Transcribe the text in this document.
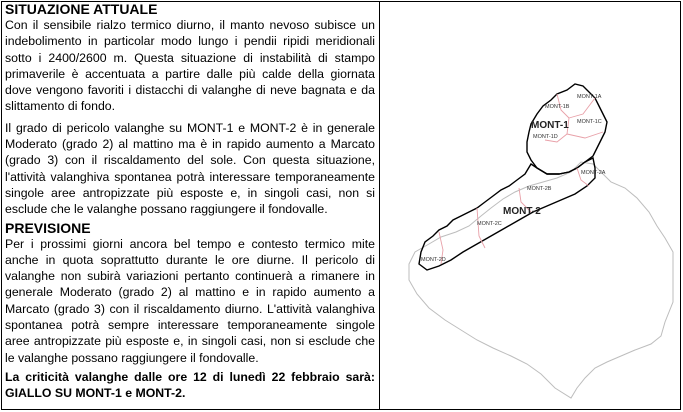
SITUAZIONE ATTUALE

Con il sensibile rialzo termico diurno, il manto nevoso subisce un indebolimento in particolar modo lungo i pendii ripidi meridionali sotto i 2400/2600 m. Questa situazione di instabilità di stampo primaverile è accentuata a partire dalle più calde della giornata dove vengono favoriti i distacchi di valanghe di neve bagnata e da slittamento di fondo.

Il grado di pericolo valanghe su MONT-1 e MONT-2 è in generale Moderato (grado 2) al mattino ma è in rapido aumento a Marcato (grado 3) con il riscaldamento del sole. Con questa situazione, l'attività valanghiva spontanea potrà interessare temporaneamente singole aree antropizzate più esposte e, in singoli casi, non si esclude che le valanghe possano raggiungere il fondovalle.

PREVISIONE

Per i prossimi giorni ancora bel tempo e contesto termico mite anche in quota soprattutto durante le ore diurne. Il pericolo di valanghe non subirà variazioni pertanto continuerà a rimanere in generale Moderato (grado 2) al mattino e in rapido aumento a Marcato (grado 3) con il riscaldamento diurno. L'attività valanghiva spontanea potrà sempre interessare temporaneamente singole aree antropizzate più esposte e, in singoli casi, non si esclude che le valanghe possano raggiungere il fondovalle.

La criticità valanghe dalle ore 12 di lunedì 22 febbraio sarà: GIALLO SU MONT-1 e MONT-2.

MONT-1A
MONT-1B
MONT-1C
MONT-1D
MONT-1
MONT-2A
MONT-2B
MONT-2
MONT-2C
MONT-2D
